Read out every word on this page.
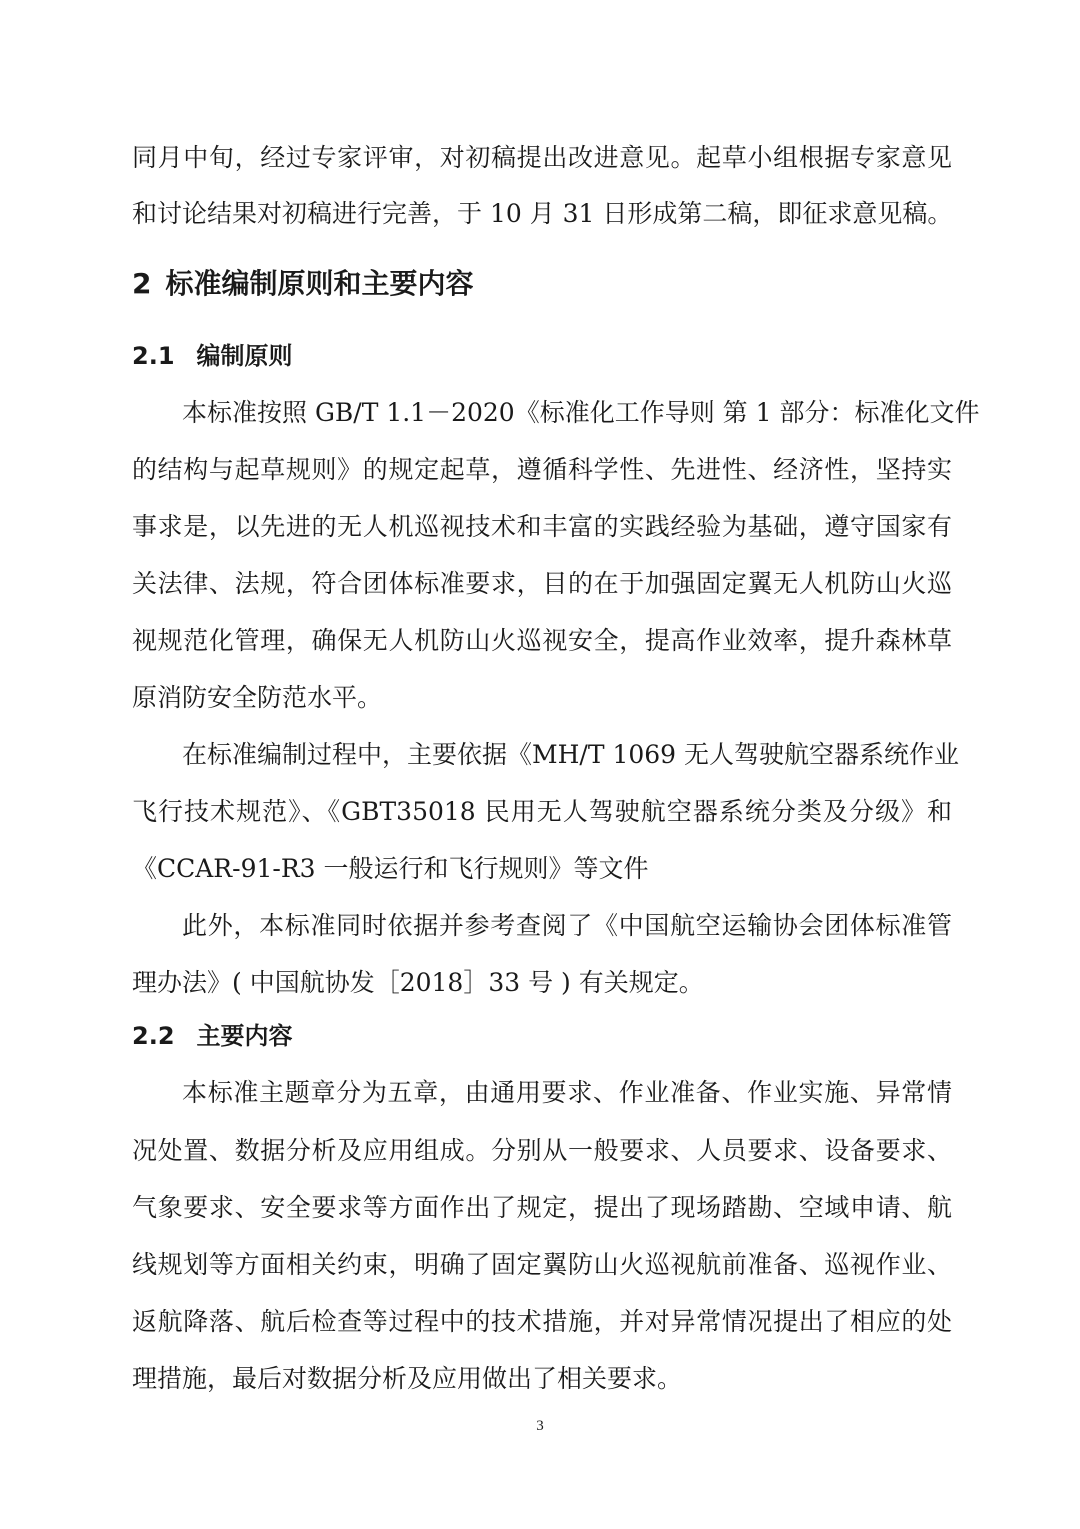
同月中旬，经过专家评审，对初稿提出改进意见。起草小组根据专家意见
和讨论结果对初稿进行完善，于 10 月 31 日形成第二稿，即征求意见稿。
2 标准编制原则和主要内容
2.1 编制原则
本标准按照 GB/T 1.1－2020《标准化工作导则 第 1 部分：标准化文件
的结构与起草规则》的规定起草，遵循科学性、先进性、经济性，坚持实
事求是，以先进的无人机巡视技术和丰富的实践经验为基础，遵守国家有
关法律、法规，符合团体标准要求，目的在于加强固定翼无人机防山火巡
视规范化管理，确保无人机防山火巡视安全，提高作业效率，提升森林草
原消防安全防范水平。
在标准编制过程中，主要依据《MH/T 1069 无人驾驶航空器系统作业
飞行技术规范》、《GBT35018 民用无人驾驶航空器系统分类及分级》和
《CCAR-91-R3 一般运行和飞行规则》等文件
此外，本标准同时依据并参考查阅了《中国航空运输协会团体标准管
理办法》( 中国航协发［2018］33 号 ) 有关规定。
2.2 主要内容
本标准主题章分为五章，由通用要求、作业准备、作业实施、异常情
况处置、数据分析及应用组成。分别从一般要求、人员要求、设备要求、
气象要求、安全要求等方面作出了规定，提出了现场踏勘、空域申请、航
线规划等方面相关约束，明确了固定翼防山火巡视航前准备、巡视作业、
返航降落、航后检查等过程中的技术措施，并对异常情况提出了相应的处
理措施，最后对数据分析及应用做出了相关要求。
3
